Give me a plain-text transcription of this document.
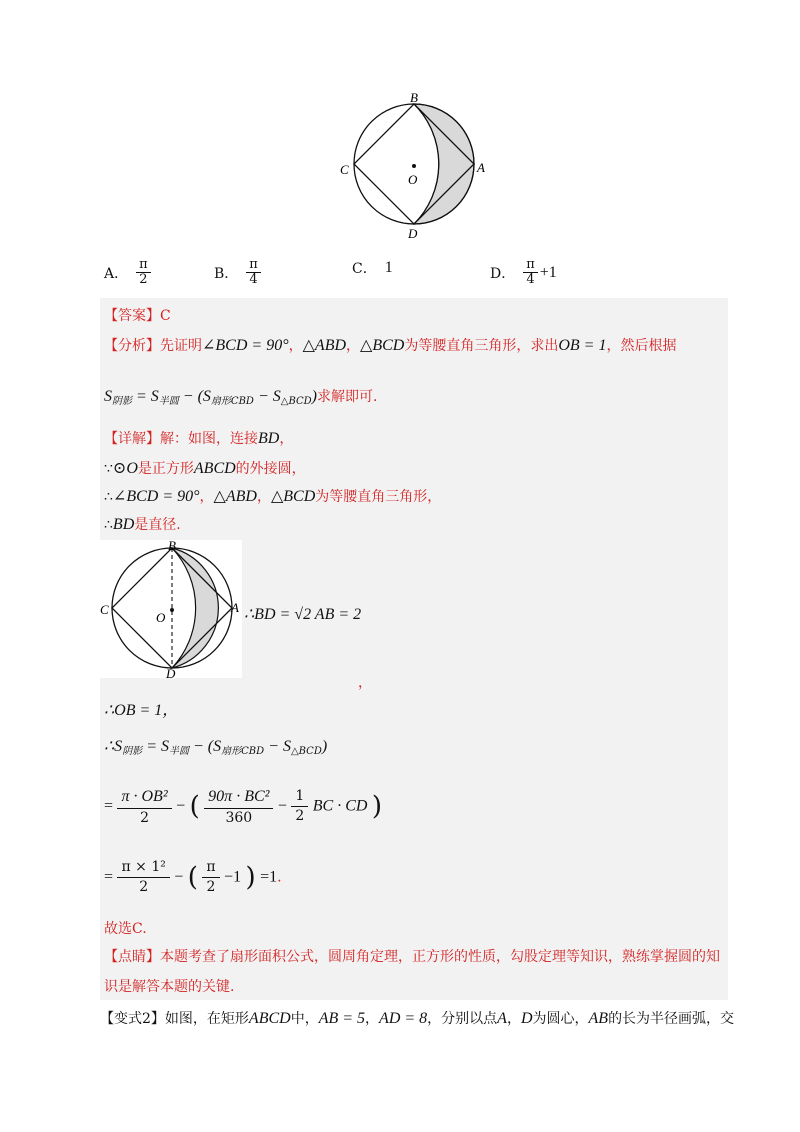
B
A
C
D
O
A． $\frac{\pi}{2}$	B． $\frac{\pi}{4}$	C． 1	D． $\frac{\pi}{4} +1$
【答案】C
【分析】先证明∠BCD = 90°，△ABD，△BCD为等腰直角三角形，求出OB = 1，然后根据
$S_{阴影} = S_{半圆} - (S_{扇形CBD} - S_{\triangle BCD})$求解即可.
【详解】解：如图，连接BD，
∵⊙O是正方形ABCD的外接圆，
∴∠BCD = 90°，△ABD，△BCD为等腰直角三角形，
∴BD是直径.
B
A
C
D
O	∴BD = √2 AB = 2
，
∴OB = 1，
$\therefore S_{阴影} = S_{半圆} - (S_{扇形CBD} - S_{\triangle BCD})$
= $\frac{\text{π · OB²}}{2}$ − ( $\frac{\text{90π · BC²}}{360} - \frac{1}{2}$ BC · CD )
= $\frac{\text{π × 1²}}{2}$ − ( $\frac{\pi}{2} -1$ ) =1.
故选C.
【点睛】本题考查了扇形面积公式，圆周角定理，正方形的性质，勾股定理等知识，熟练掌握圆的知
识是解答本题的关键.
【变式2】如图，在矩形ABCD中，AB = 5，AD = 8，分别以点A，D为圆心，AB的长为半径画弧，交
